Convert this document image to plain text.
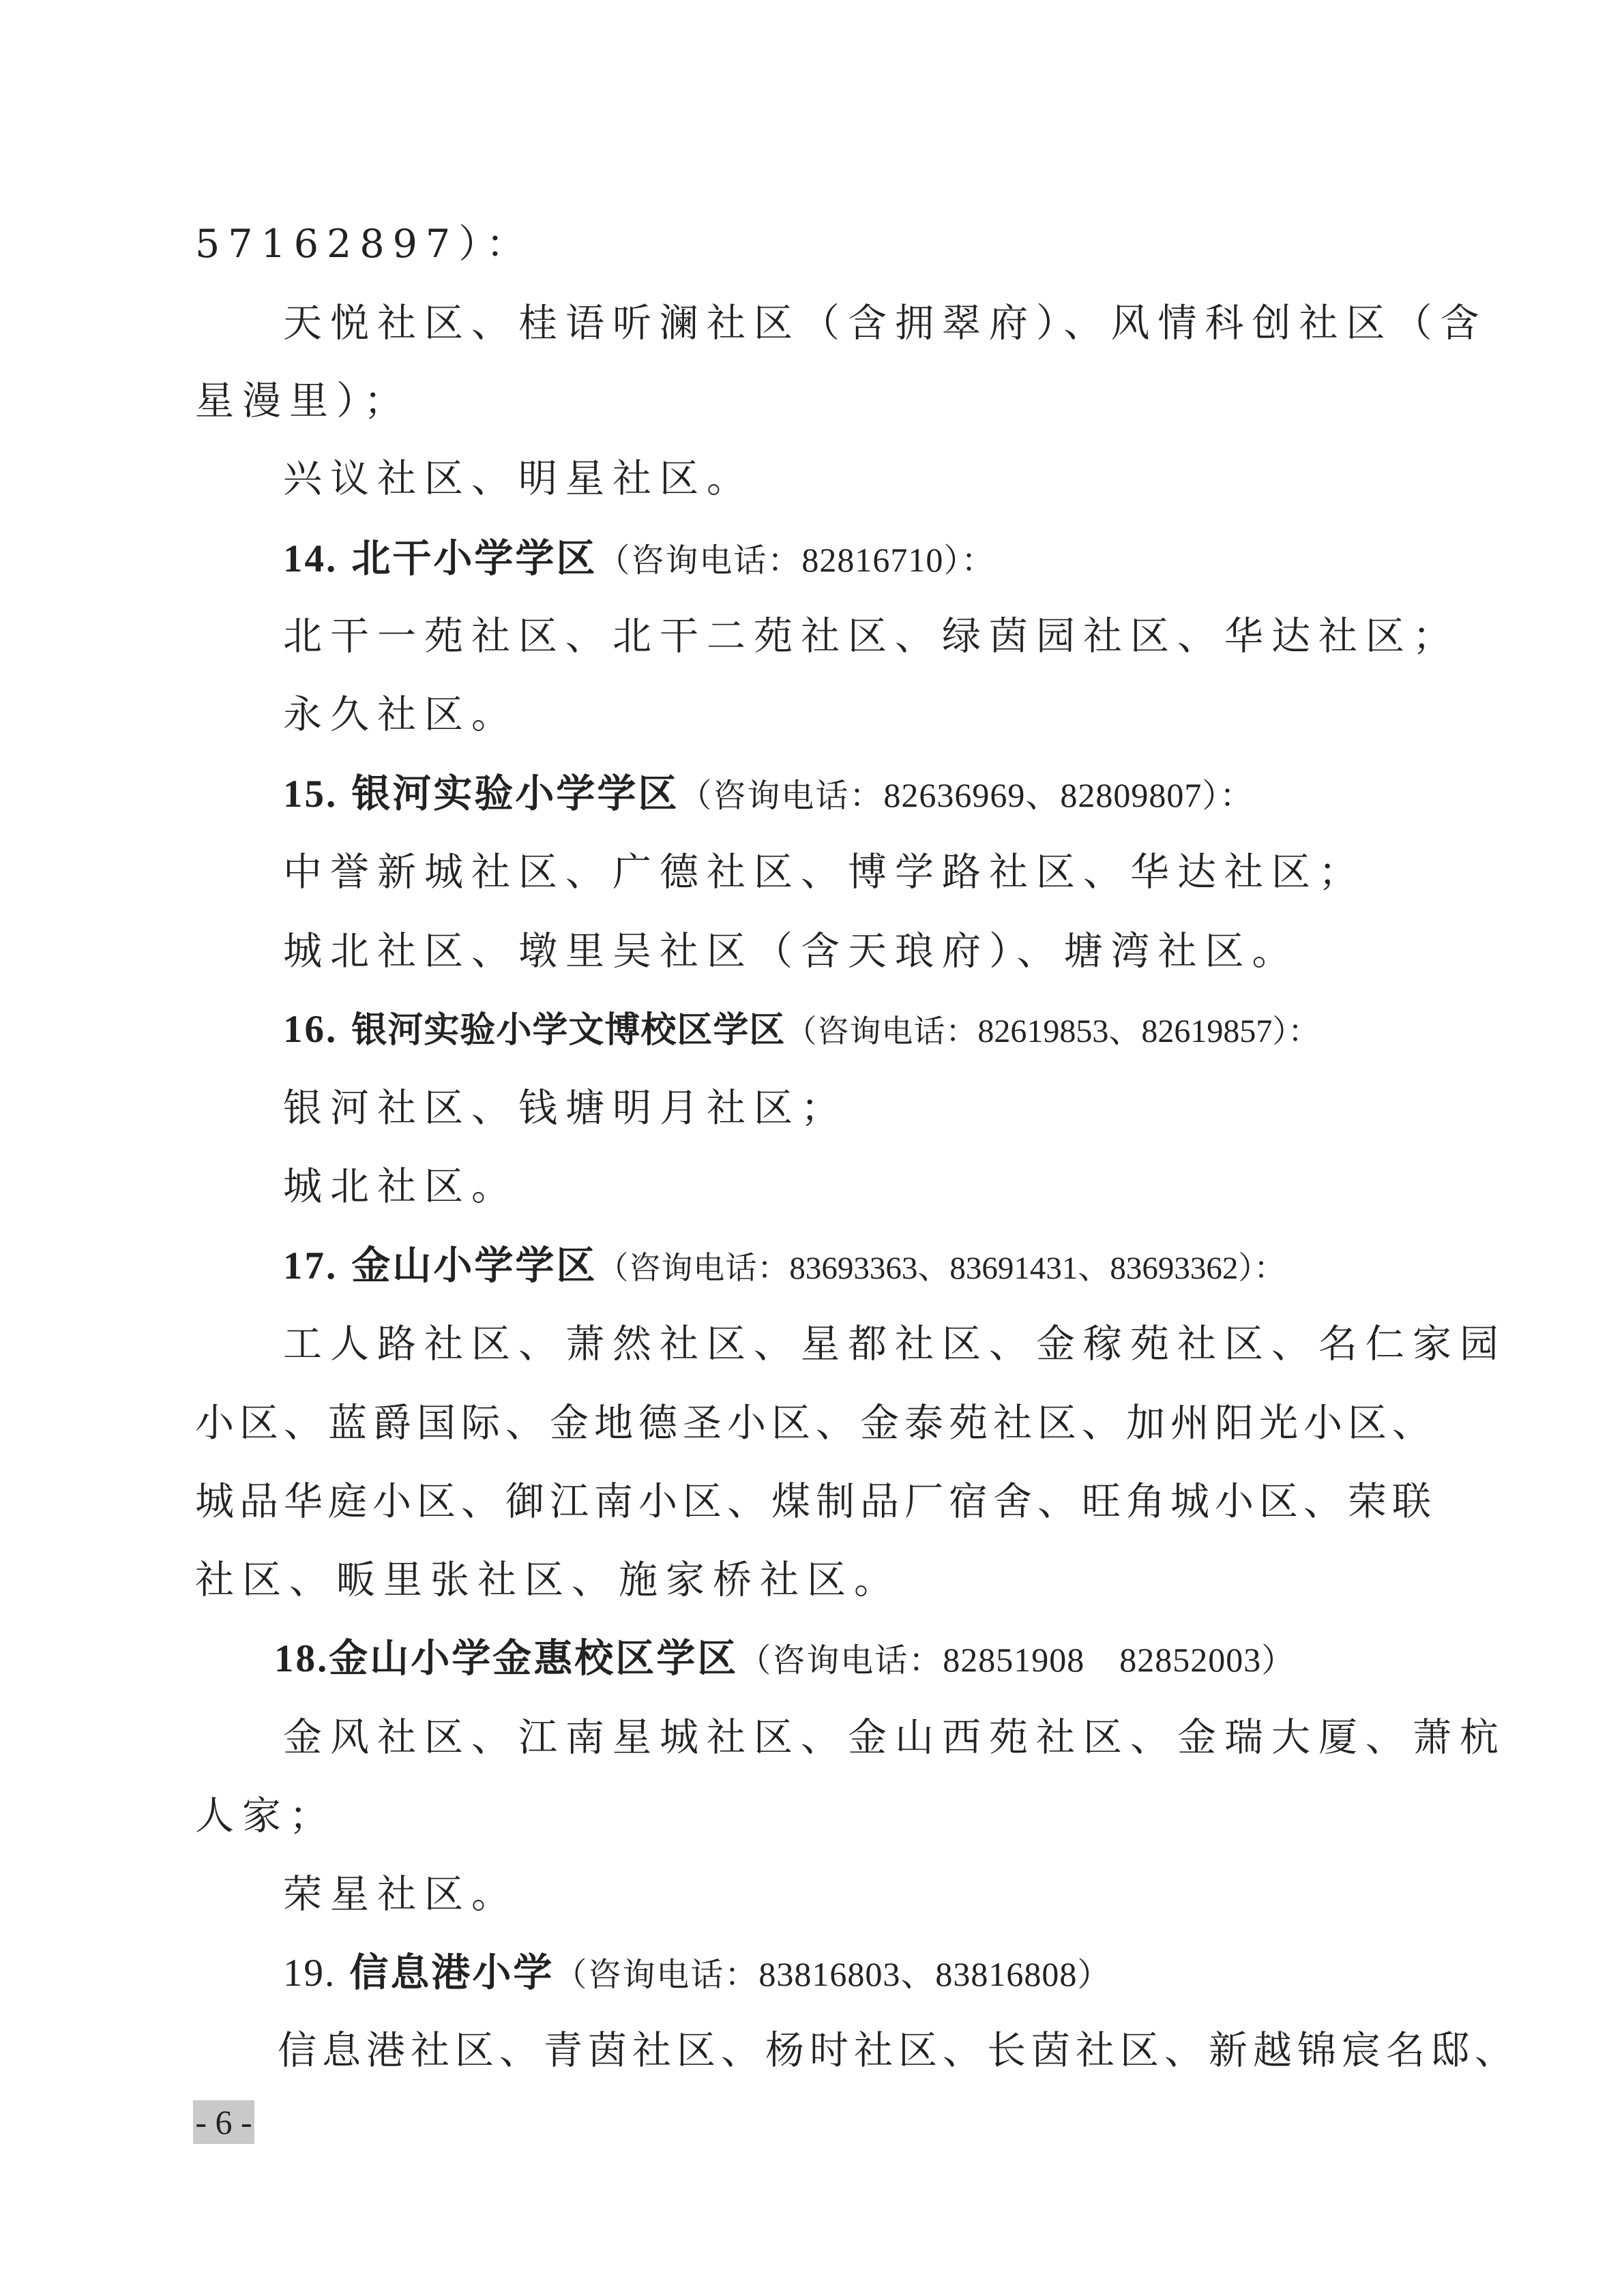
57162897）：
天悦社区、桂语听澜社区（含拥翠府）、风情科创社区（含
星漫里）；
兴议社区、明星社区。
14. 北干小学学区（咨询电话：82816710）：
北干一苑社区、北干二苑社区、绿茵园社区、华达社区；
永久社区。
15. 银河实验小学学区（咨询电话：82636969、82809807）：
中誉新城社区、广德社区、博学路社区、华达社区；
城北社区、墩里吴社区（含天琅府）、塘湾社区。
16. 银河实验小学文博校区学区（咨询电话：82619853、82619857）：
银河社区、钱塘明月社区；
城北社区。
17. 金山小学学区（咨询电话：83693363、83691431、83693362）：
工人路社区、萧然社区、星都社区、金稼苑社区、名仁家园
小区、蓝爵国际、金地德圣小区、金泰苑社区、加州阳光小区、
城品华庭小区、御江南小区、煤制品厂宿舍、旺角城小区、荣联
社区、畈里张社区、施家桥社区。
18.金山小学金惠校区学区（咨询电话：82851908　82852003）
金风社区、江南星城社区、金山西苑社区、金瑞大厦、萧杭
人家；
荣星社区。
19. 信息港小学（咨询电话：83816803、83816808）
信息港社区、青茵社区、杨时社区、长茵社区、新越锦宸名邸、
- 6 -
